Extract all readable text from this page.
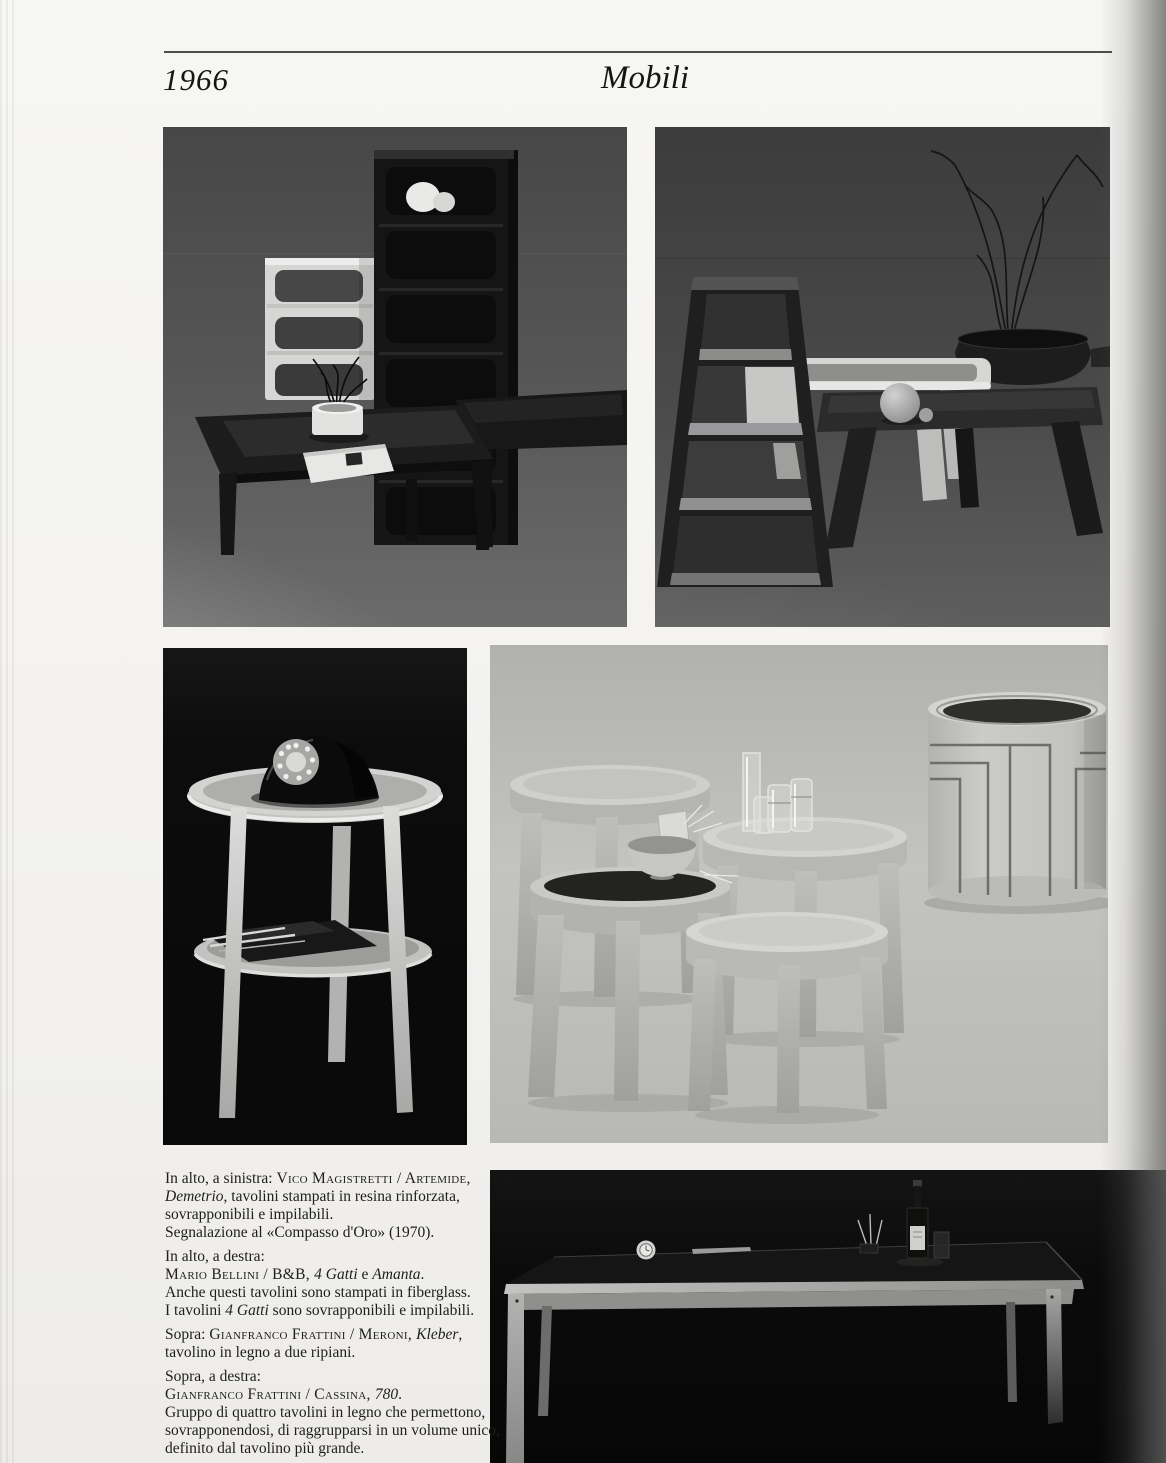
1966	Mobili
In alto, a sinistra: Vico Magistretti / Artemide,
Demetrio, tavolini stampati in resina rinforzata,
sovrapponibili e impilabili.
Segnalazione al «Compasso d'Oro» (1970).
In alto, a destra:
Mario Bellini / B&B, 4 Gatti e Amanta.
Anche questi tavolini sono stampati in fiberglass.
I tavolini 4 Gatti sono sovrapponibili e impilabili.
Sopra: Gianfranco Frattini / Meroni, Kleber,
tavolino in legno a due ripiani.
Sopra, a destra:
Gianfranco Frattini / Cassina, 780.
Gruppo di quattro tavolini in legno che permettono,
sovrapponendosi, di raggrupparsi in un volume unico,
definito dal tavolino più grande.
